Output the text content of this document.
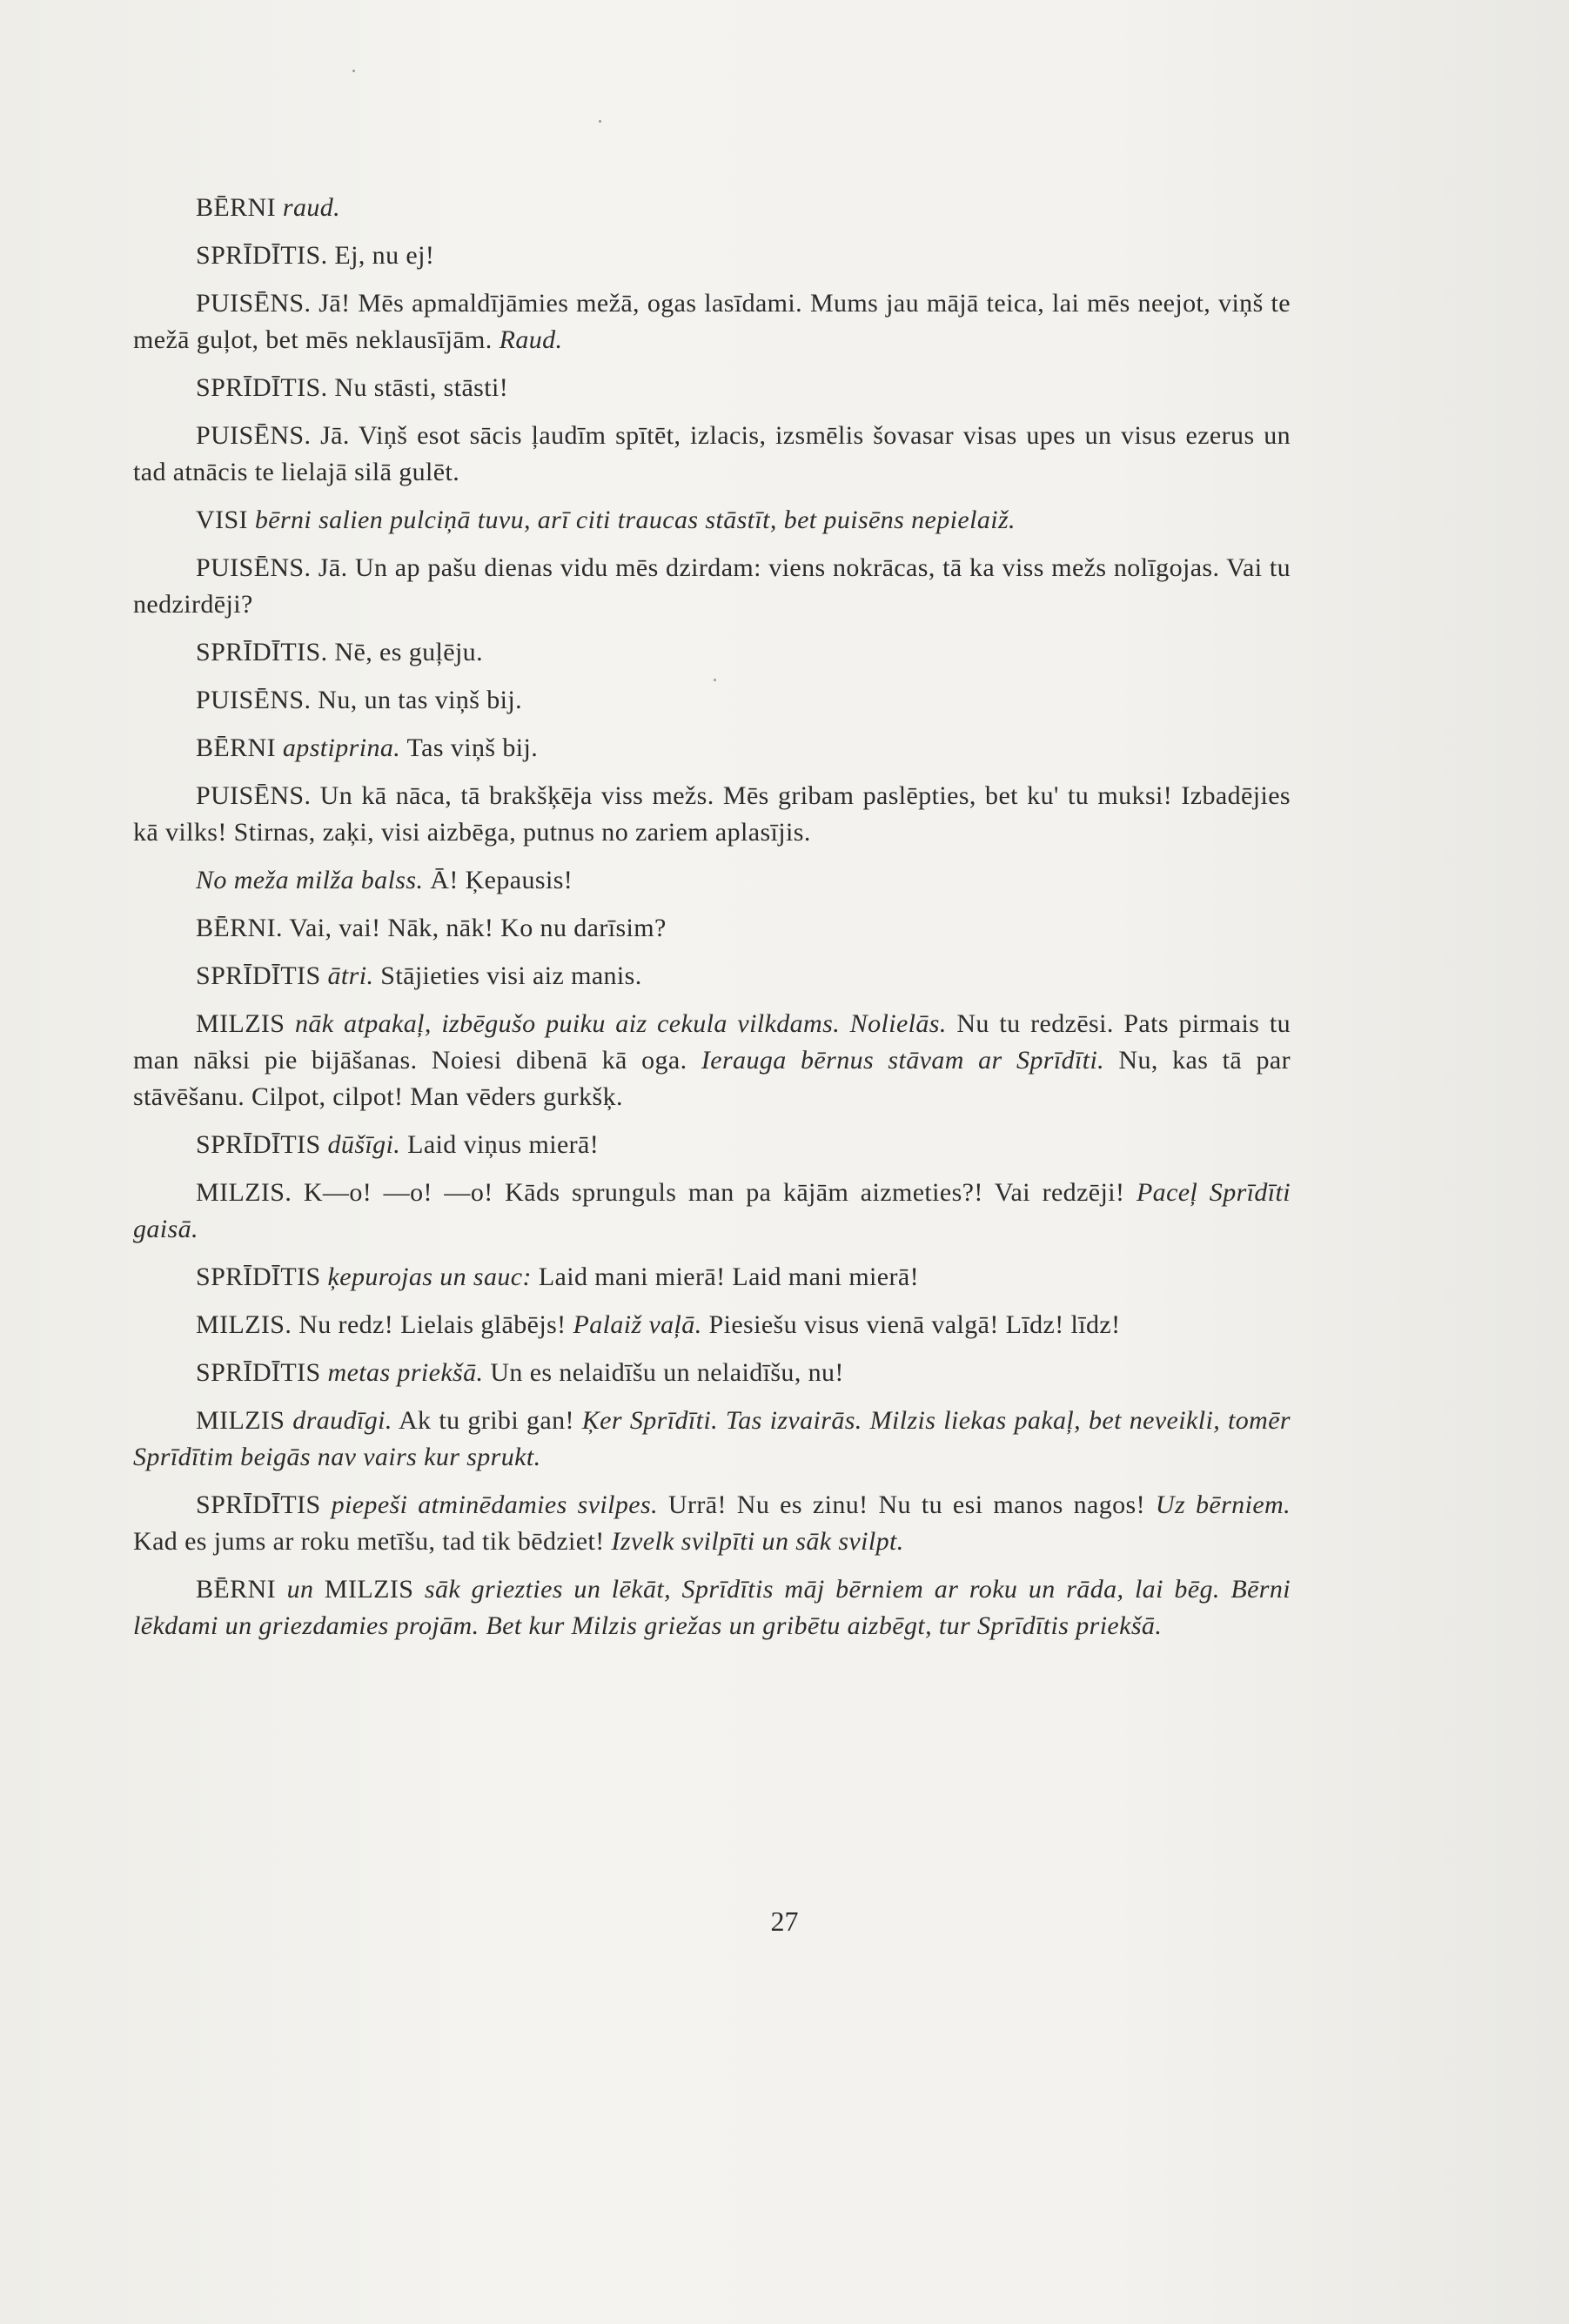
BĒRNI raud.

SPRĪDĪTIS. Ej, nu ej!

PUISĒNS. Jā! Mēs apmaldījāmies mežā, ogas lasīdami. Mums jau mājā teica, lai mēs neejot, viņš te mežā guļot, bet mēs neklausījām. Raud.

SPRĪDĪTIS. Nu stāsti, stāsti!

PUISĒNS. Jā. Viņš esot sācis ļaudīm spītēt, izlacis, izsmēlis šovasar visas upes un visus ezerus un tad atnācis te lielajā silā gulēt.

VISI bērni salien pulciņā tuvu, arī citi traucas stāstīt, bet puisēns nepielaiž.

PUISĒNS. Jā. Un ap pašu dienas vidu mēs dzirdam: viens nokrācas, tā ka viss mežs nolīgojas. Vai tu nedzirdēji?

SPRĪDĪTIS. Nē, es guļēju.

PUISĒNS. Nu, un tas viņš bij.

BĒRNI apstiprina. Tas viņš bij.

PUISĒNS. Un kā nāca, tā brakšķēja viss mežs. Mēs gribam paslēpties, bet ku' tu muksi! Izbadējies kā vilks! Stirnas, zaķi, visi aizbēga, putnus no zariem aplasījis.

No meža milža balss. Ā! Ķepausis!

BĒRNI. Vai, vai! Nāk, nāk! Ko nu darīsim?

SPRĪDĪTIS ātri. Stājieties visi aiz manis.

MILZIS nāk atpakaļ, izbēgušo puiku aiz cekula vilkdams. Nolielās. Nu tu redzēsi. Pats pirmais tu man nāksi pie bijāšanas. Noiesi dibenā kā oga. Ierauga bērnus stāvam ar Sprīdīti. Nu, kas tā par stāvēšanu. Cilpot, cilpot! Man vēders gurkšķ.

SPRĪDĪTIS dūšīgi. Laid viņus mierā!

MILZIS. K—o! —o! —o! Kāds sprunguls man pa kājām aizmeties?! Vai redzēji! Paceļ Sprīdīti gaisā.

SPRĪDĪTIS ķepurojas un sauc: Laid mani mierā! Laid mani mierā!

MILZIS. Nu redz! Lielais glābējs! Palaiž vaļā. Piesiešu visus vienā valgā! Līdz! līdz!

SPRĪDĪTIS metas priekšā. Un es nelaidīšu un nelaidīšu, nu!

MILZIS draudīgi. Ak tu gribi gan! Ķer Sprīdīti. Tas izvairās. Milzis liekas pakaļ, bet neveikli, tomēr Sprīdītim beigās nav vairs kur sprukt.

SPRĪDĪTIS piepeši atminēdamies svilpes. Urrā! Nu es zinu! Nu tu esi manos nagos! Uz bērniem. Kad es jums ar roku metīšu, tad tik bēdziet! Izvelk svilpīti un sāk svilpt.

BĒRNI un MILZIS sāk griezties un lēkāt, Sprīdītis māj bērniem ar roku un rāda, lai bēg. Bērni lēkdami un griezdamies projām. Bet kur Milzis griežas un gribētu aizbēgt, tur Sprīdītis priekšā.

27
